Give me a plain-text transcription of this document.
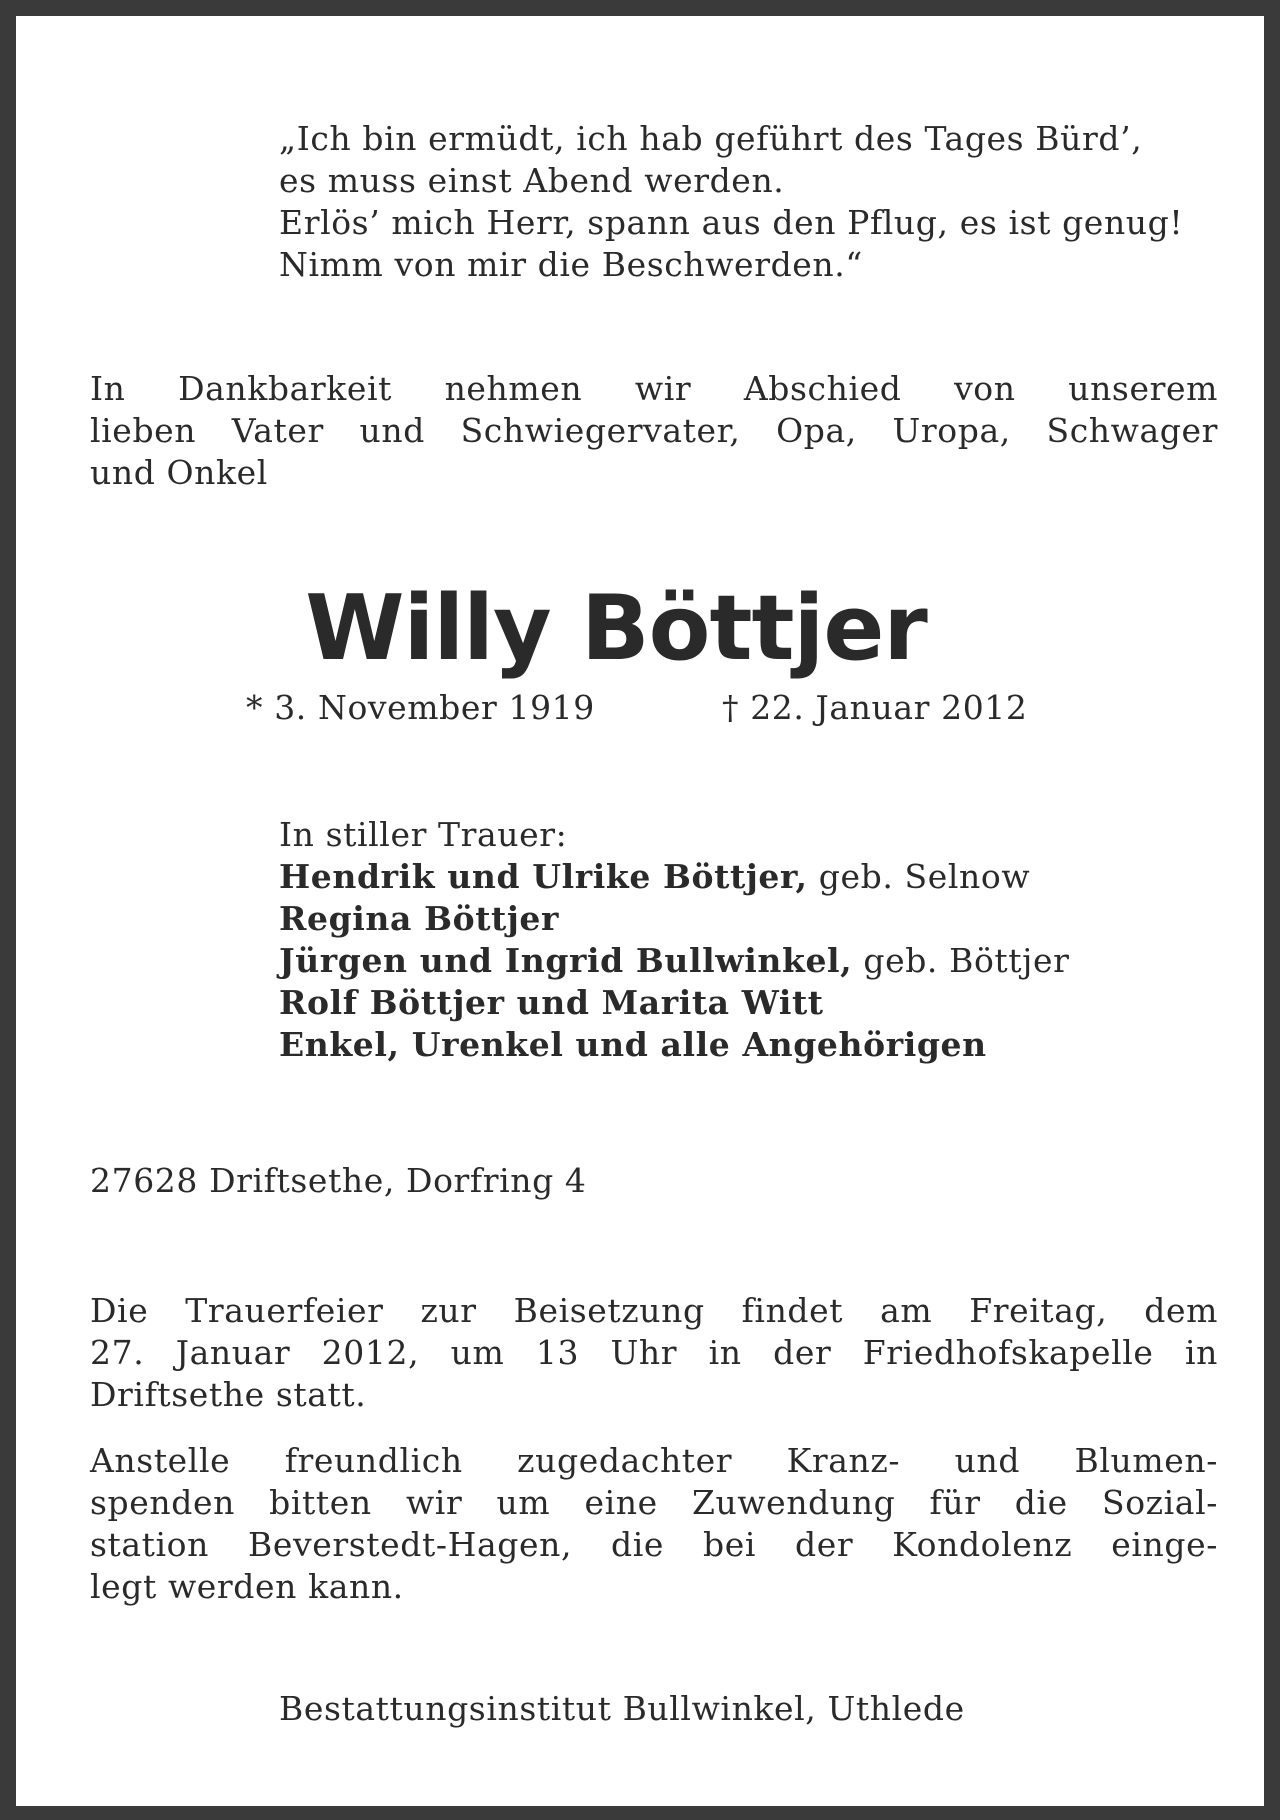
„Ich bin ermüdt, ich hab geführt des Tages Bürd’,
es muss einst Abend werden.
Erlös’ mich Herr, spann aus den Pflug, es ist genug!
Nimm von mir die Beschwerden.“
In Dankbarkeit nehmen wir Abschied von unserem
lieben Vater und Schwiegervater, Opa, Uropa, Schwager
und Onkel
Willy Böttjer
* 3. November 1919	† 22. Januar 2012
In stiller Trauer:
Hendrik und Ulrike Böttjer, geb. Selnow
Regina Böttjer
Jürgen und Ingrid Bullwinkel, geb. Böttjer
Rolf Böttjer und Marita Witt
Enkel, Urenkel und alle Angehörigen
27628 Driftsethe, Dorfring 4
Die Trauerfeier zur Beisetzung findet am Freitag, dem
27. Januar 2012, um 13 Uhr in der Friedhofskapelle in
Driftsethe statt.
Anstelle freundlich zugedachter Kranz- und Blumen-
spenden bitten wir um eine Zuwendung für die Sozial-
station Beverstedt-Hagen, die bei der Kondolenz einge-
legt werden kann.
Bestattungsinstitut Bullwinkel, Uthlede
